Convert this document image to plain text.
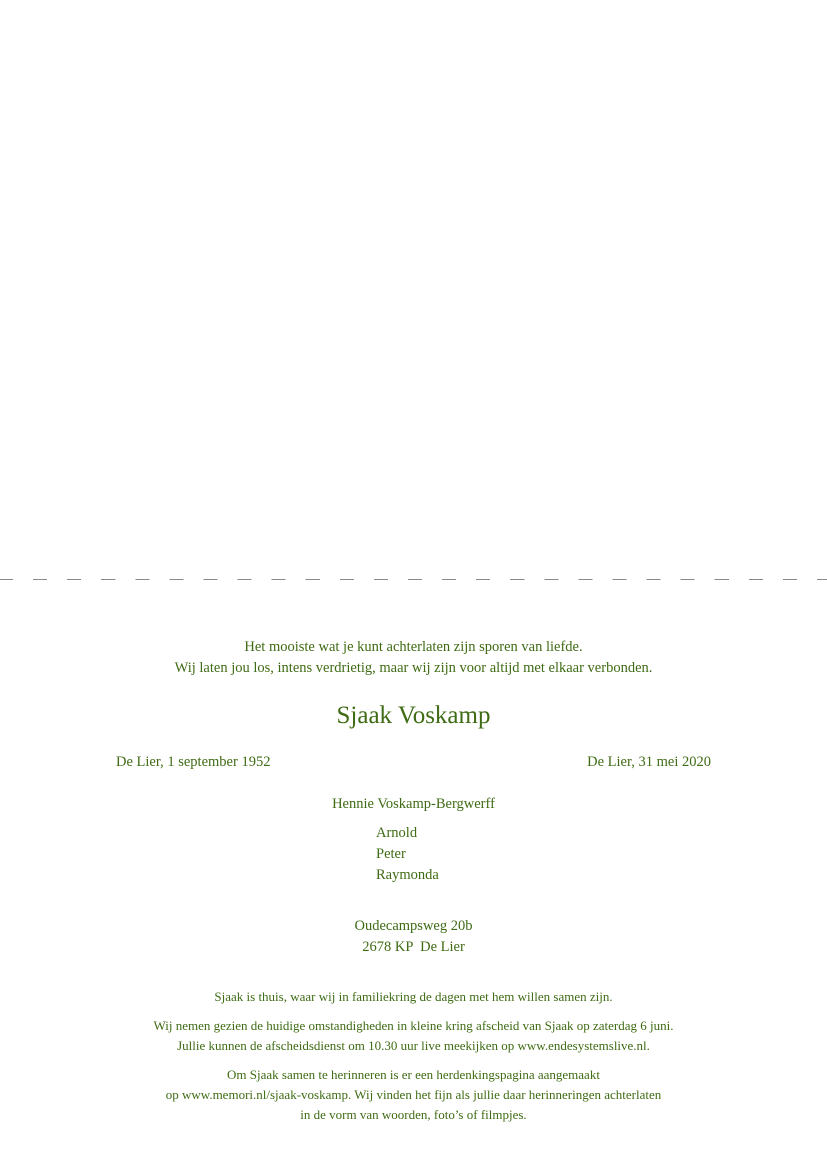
Het mooiste wat je kunt achterlaten zijn sporen van liefde.
Wij laten jou los, intens verdrietig, maar wij zijn voor altijd met elkaar verbonden.
Sjaak Voskamp
De Lier, 1 september 1952	De Lier, 31 mei 2020
Hennie Voskamp-Bergwerff
Arnold
Peter
Raymonda
Oudecampsweg 20b
2678 KP  De Lier
Sjaak is thuis, waar wij in familiekring de dagen met hem willen samen zijn.
Wij nemen gezien de huidige omstandigheden in kleine kring afscheid van Sjaak op zaterdag 6 juni.
Jullie kunnen de afscheidsdienst om 10.30 uur live meekijken op www.endesystemslive.nl.
Om Sjaak samen te herinneren is er een herdenkingspagina aangemaakt
op www.memori.nl/sjaak-voskamp. Wij vinden het fijn als jullie daar herinneringen achterlaten
in de vorm van woorden, foto’s of filmpjes.
